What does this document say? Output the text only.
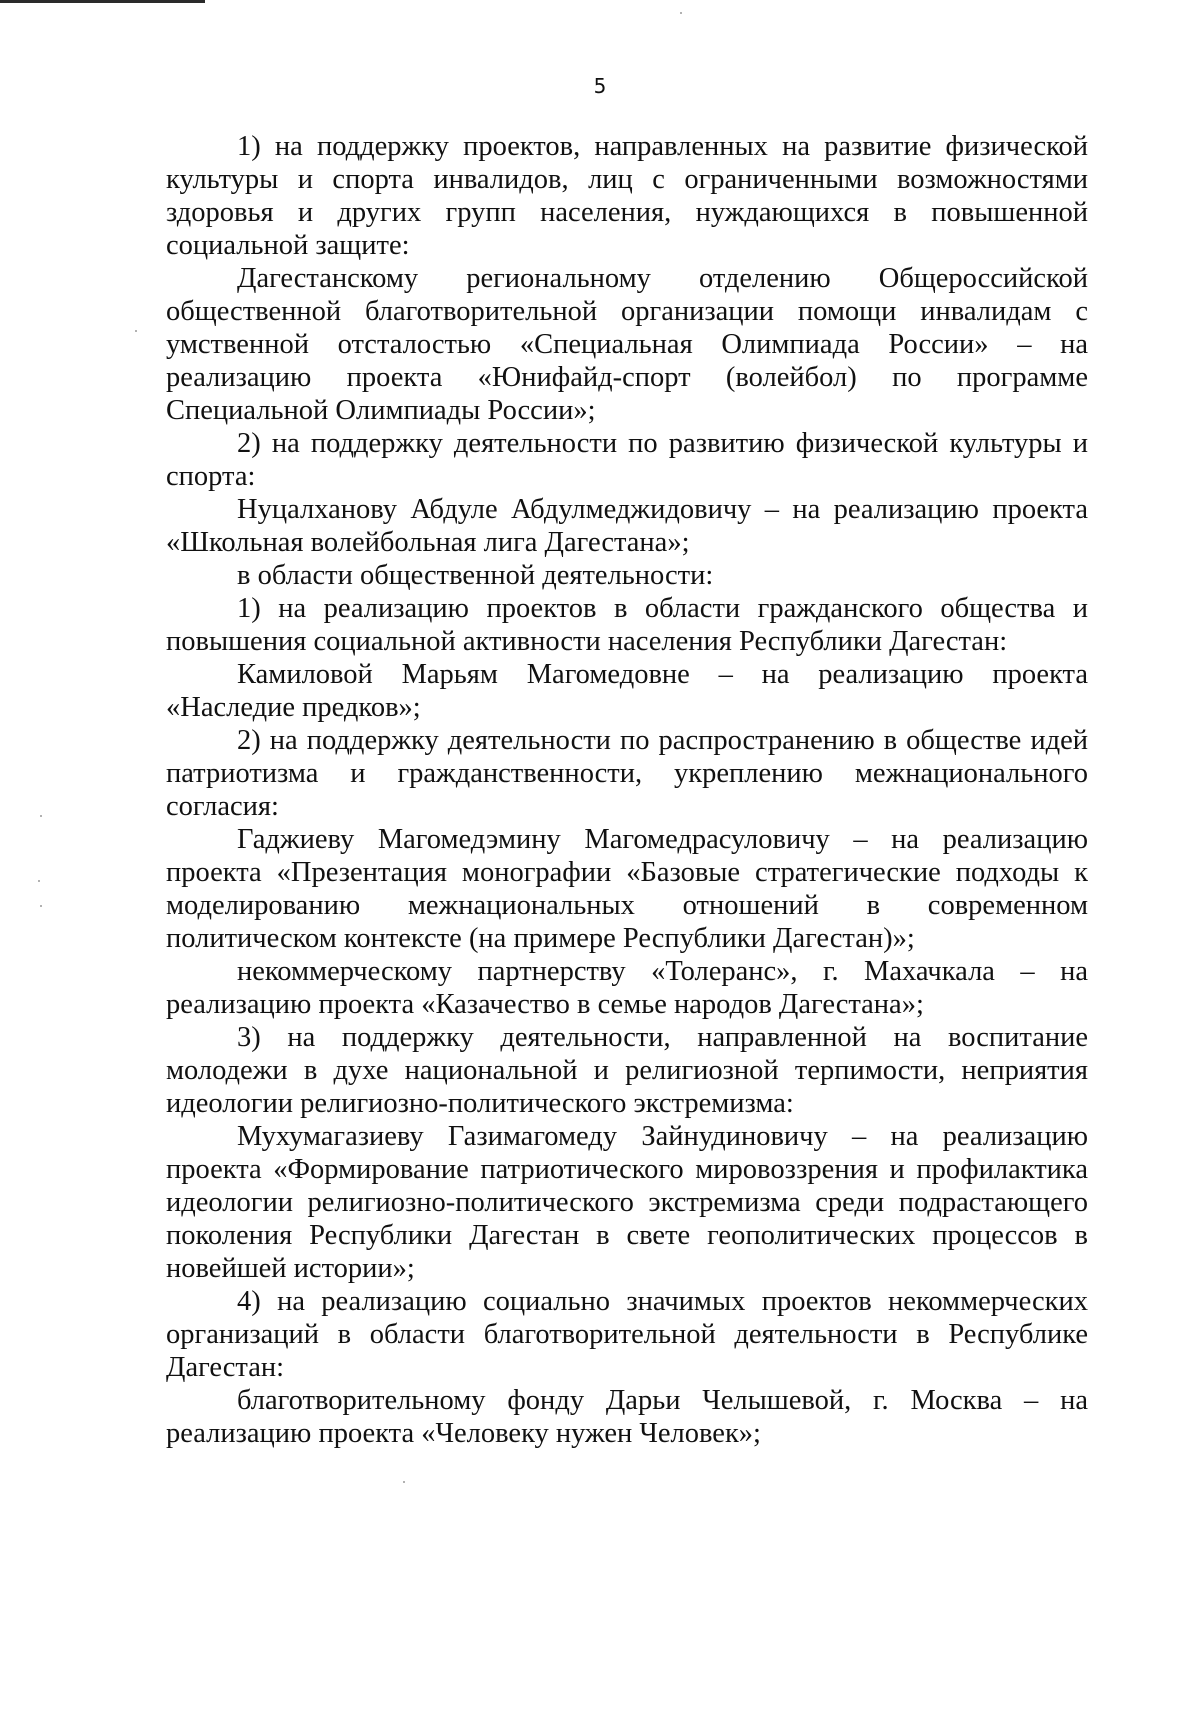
5

1) на поддержку проектов, направленных на развитие физической культуры и спорта инвалидов, лиц с ограниченными возможностями здоровья и других групп населения, нуждающихся в повышенной социальной защите:

Дагестанскому региональному отделению Общероссийской общественной благотворительной организации помощи инвалидам с умственной отсталостью «Специальная Олимпиада России» – на реализацию проекта «Юнифайд-спорт (волейбол) по программе Специальной Олимпиады России»;

2) на поддержку деятельности по развитию физической культуры и спорта:

Нуцалханову Абдуле Абдулмеджидовичу – на реализацию проекта «Школьная волейбольная лига Дагестана»;

в области общественной деятельности:

1) на реализацию проектов в области гражданского общества и повышения социальной активности населения Республики Дагестан:

Камиловой Марьям Магомедовне – на реализацию проекта «Наследие предков»;

2) на поддержку деятельности по распространению в обществе идей патриотизма и гражданственности, укреплению межнационального согласия:

Гаджиеву Магомедэмину Магомедрасуловичу – на реализацию проекта «Презентация монографии «Базовые стратегические подходы к моделированию межнациональных отношений в современном политическом контексте (на примере Республики Дагестан)»;

некоммерческому партнерству «Толеранс», г. Махачкала – на реализацию проекта «Казачество в семье народов Дагестана»;

3) на поддержку деятельности, направленной на воспитание молодежи в духе национальной и религиозной терпимости, неприятия идеологии религиозно-политического экстремизма:

Мухумагазиеву Газимагомеду Зайнудиновичу – на реализацию проекта «Формирование патриотического мировоззрения и профилактика идеологии религиозно-политического экстремизма среди подрастающего поколения Республики Дагестан в свете геополитических процессов в новейшей истории»;

4) на реализацию социально значимых проектов некоммерческих организаций в области благотворительной деятельности в Республике Дагестан:

благотворительному фонду Дарьи Челышевой, г. Москва – на реализацию проекта «Человеку нужен Человек»;
